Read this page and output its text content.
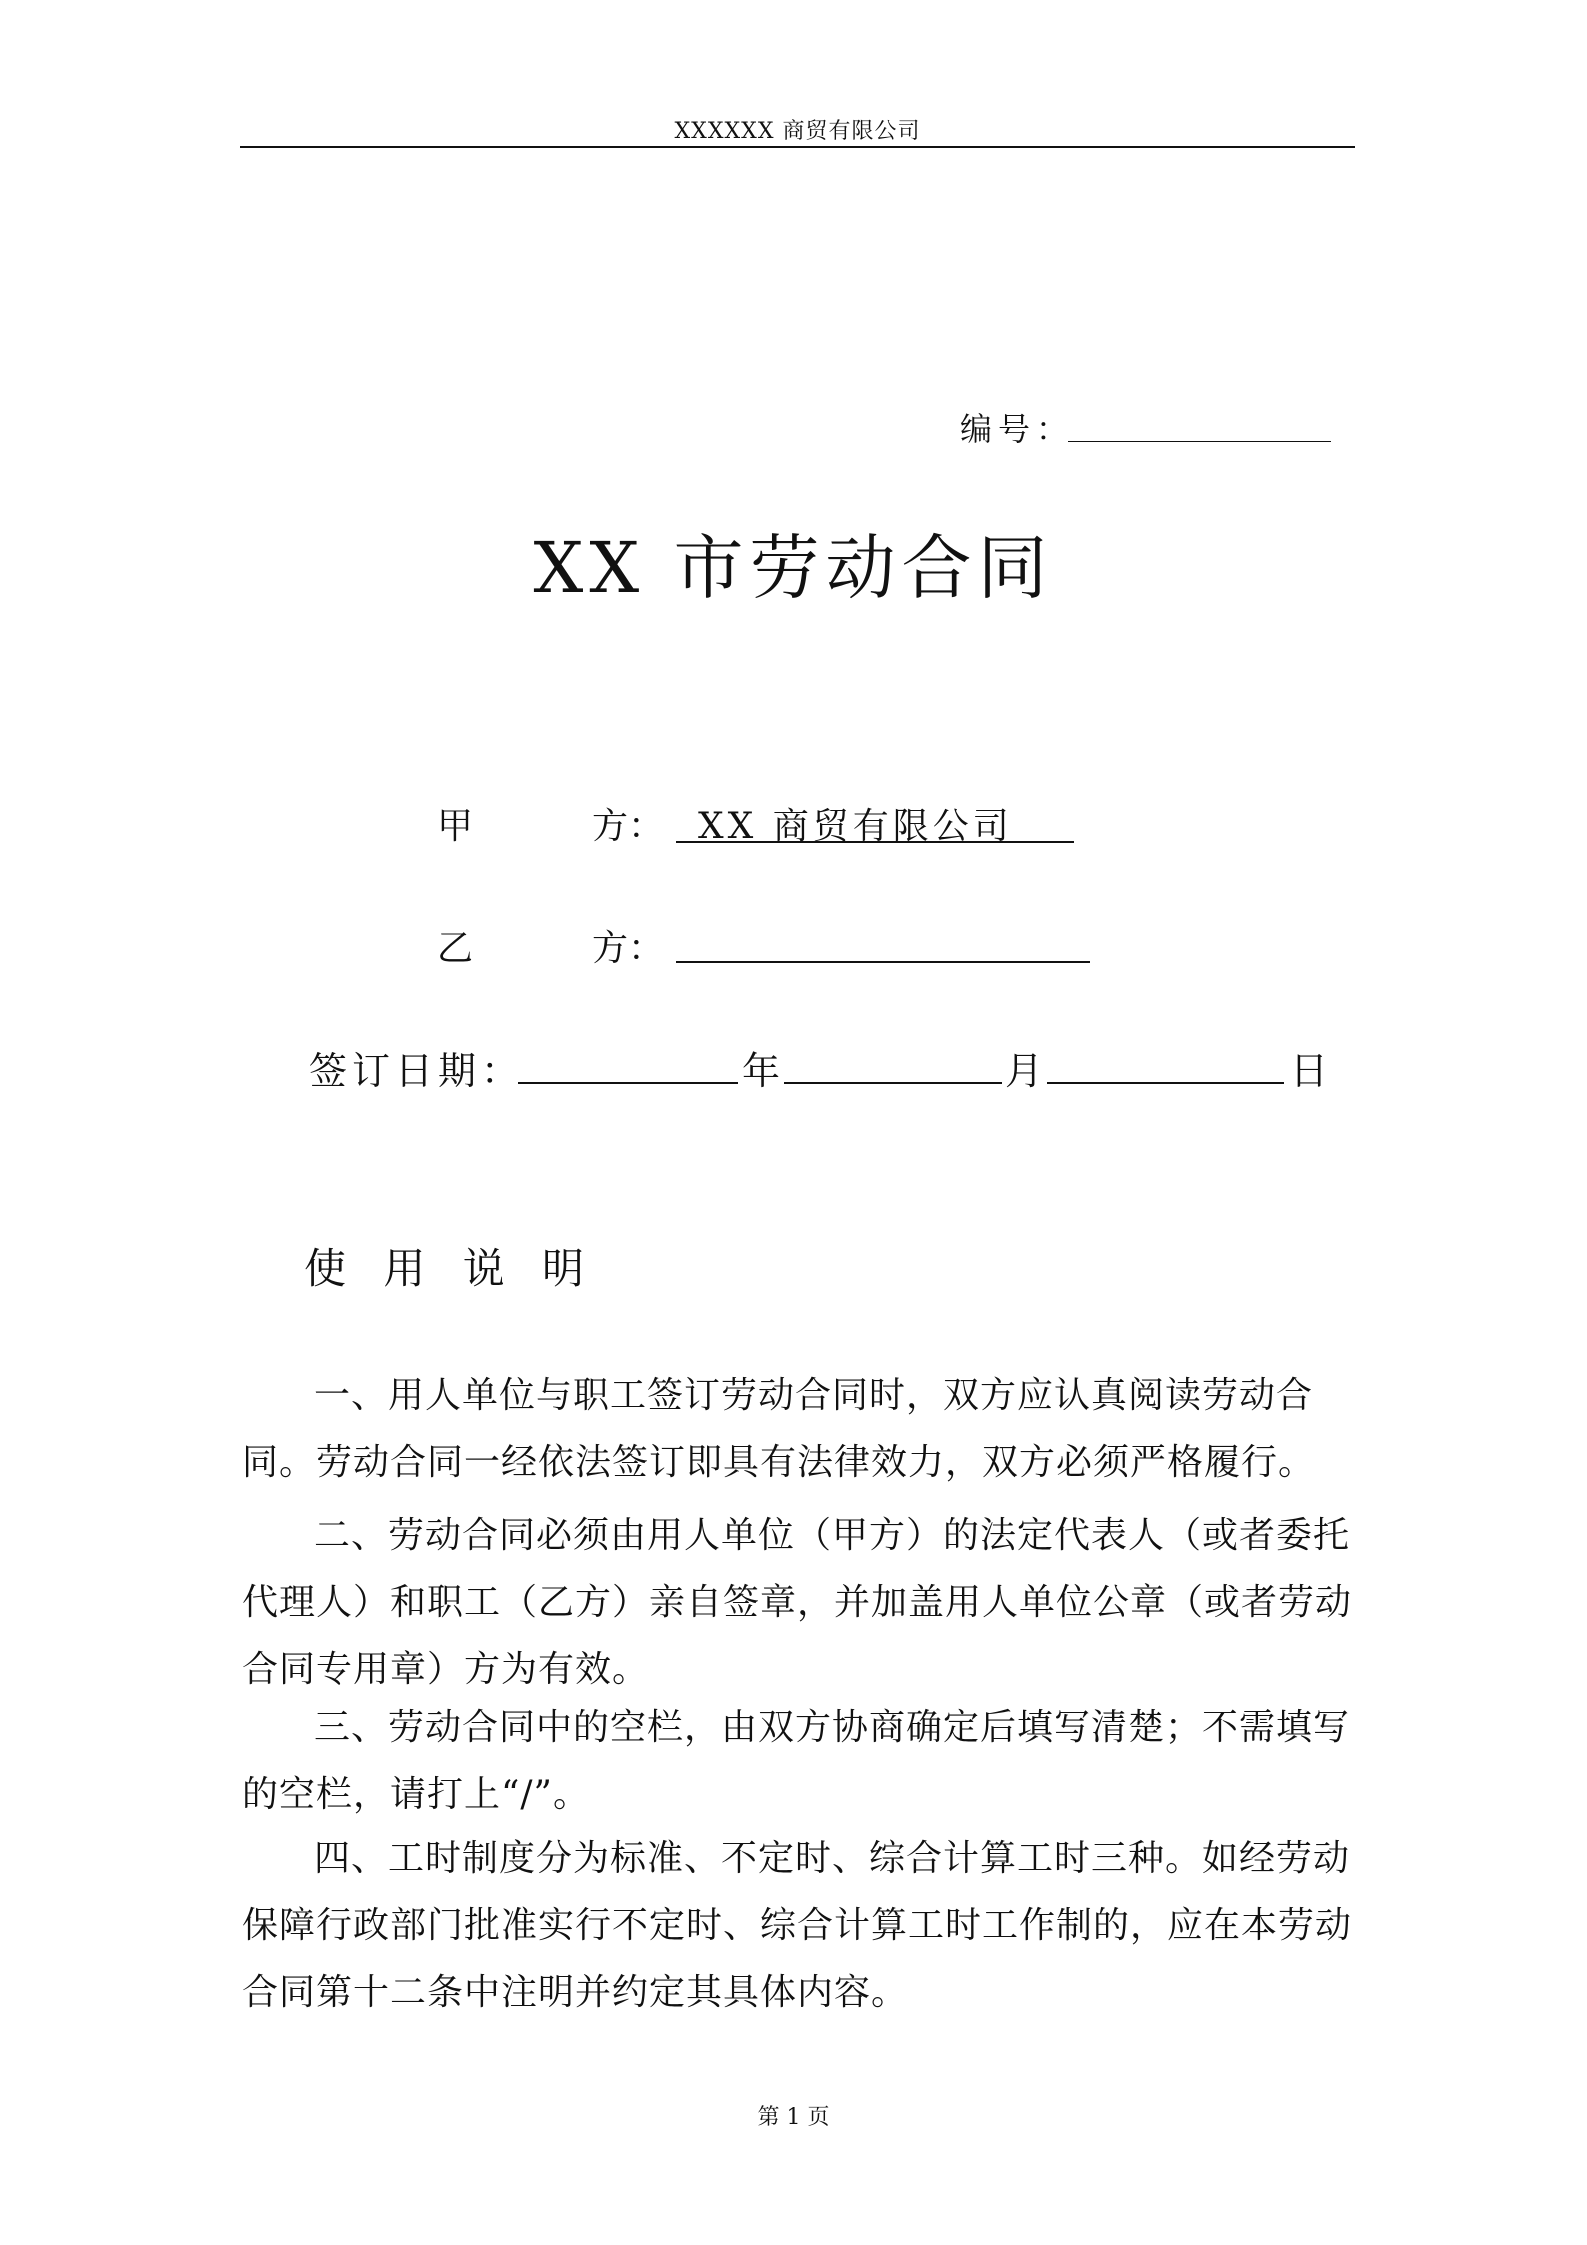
XXXXXX 商贸有限公司
编号：
XX 市劳动合同
甲	方： XX 商贸有限公司
乙	方：
签订日期：	年	月	日
使 用 说 明

一、用人单位与职工签订劳动合同时，双方应认真阅读劳动合同。劳动合同一经依法签订即具有法律效力，双方必须严格履行。

二、劳动合同必须由用人单位（甲方）的法定代表人（或者委托代理人）和职工（乙方）亲自签章，并加盖用人单位公章（或者劳动合同专用章）方为有效。

三、劳动合同中的空栏，由双方协商确定后填写清楚；不需填写的空栏，请打上“/”。

四、工时制度分为标准、不定时、综合计算工时三种。如经劳动保障行政部门批准实行不定时、综合计算工时工作制的，应在本劳动合同第十二条中注明并约定其具体内容。

第 1 页
